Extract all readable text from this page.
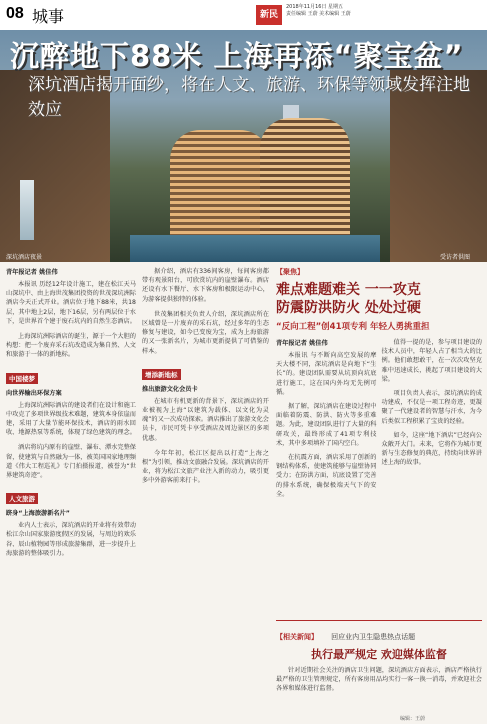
08 城事	新民
2018年11月16日 星期五
责任编辑 王蔚 美术编辑 王蔚
沉醉地下88米 上海再添“聚宝盆”
深坑酒店揭开面纱，将在人文、旅游、环保等领域发挥注地效应
深坑酒店夜景	受访者供图
青年报记者 姚佳伟

本报讯 历经12年设计施工，建在松江天马山深坑中、由上海世茂集团投资的世茂深坑洲际酒店今天正式开业。酒店位于地下88米，共18层，其中地上2层，地下16层，另有两层位于水下，是世界首个建于废石坑内的自然生态酒店。

上海深坑洲际酒店的诞生，源于一个大胆的构想：把一个废弃采石坑改造成为集自然、人文和旅游于一体的新地标。

中国楼梦
向世界输出环保方案

上海深坑洲际酒店的建设者们在设计和施工中攻克了多项世界级技术难题，建筑本身依崖而建，采用了大量节能环保技术，酒店的雨水回收、地源热泵等系统，体现了绿色建筑的理念。

酒店将坑内原有的崖壁、瀑布、潭水完整保留，使建筑与自然融为一体，被美国国家地理频道《伟大工程巡礼》专门拍摄报道，被誉为“世界建筑奇迹”。

人文旅游
跻身“上海旅游新名片”

业内人士表示，深坑酒店的开业将有效带动松江佘山国家旅游度假区的发展，与周边的欢乐谷、辰山植物园等形成旅游集群，进一步提升上海旅游的整体吸引力。

据介绍，酒店有336间客房，每间客房都带有观景阳台，可欣赏坑内的崖壁瀑布。酒店还设有水下餐厅、水下客房和极限运动中心，为游客提供独特的体验。

世茂集团相关负责人介绍，深坑酒店所在区域曾是一片废弃的采石坑，经过多年的生态修复与建设，如今已变废为宝，成为上海旅游的又一张新名片，为城市更新提供了可借鉴的样本。

增添新地标
推出旅游文化会员卡

在城市有机更新的背景下，深坑酒店的开业被视为上海“以建筑为载体、以文化为灵魂”的又一次成功探索。酒店推出了旅游文化会员卡，市民可凭卡享受酒店及周边景区的多项优惠。

今年年初，松江区提出以打造“上海之根”为引领，推动文旅融合发展。深坑酒店的开业，将为松江文旅产业注入新的动力，吸引更多中外游客前来打卡。

【聚焦】
难点难题难关 一一攻克
防震防洪防火 处处过硬
“反向工程”创41项专利 年轻人勇挑重担
青年报记者 姚佳伟

本报讯 与不断向高空发展的摩天大楼不同，深坑酒店是向地下“生长”的。建设团队需要从坑顶向坑底进行施工，这在国内外均无先例可循。

据了解，深坑酒店在建设过程中面临着防震、防洪、防火等多重难题。为此，建设团队进行了大量的科研攻关，最终形成了41项专利技术，其中多项填补了国内空白。

在抗震方面，酒店采用了创新的钢结构体系，使建筑能够与崖壁协同受力；在防洪方面，坑底设置了完善的排水系统，确保极端天气下的安全。

值得一提的是，参与项目建设的技术人员中，年轻人占了相当大的比例。他们敢想敢干，在一次次攻坚克难中迅速成长，挑起了项目建设的大梁。

项目负责人表示，深坑酒店的成功建成，不仅是一项工程奇迹，更凝聚了一代建设者的智慧与汗水，为今后类似工程积累了宝贵的经验。

如今，这座“地下酒店”已经向公众敞开大门。未来，它将作为城市更新与生态修复的典范，持续向世界讲述上海的故事。

【相关新闻】 回应业内卫生隐患热点话题
执行最严规定 欢迎媒体监督

针对近期社会关注的酒店卫生问题，深坑酒店方面表示，酒店严格执行最严格的卫生管理规定，所有客房用品均实行一客一换一消毒，并欢迎社会各界和媒体进行监督。

编辑：王蔚
